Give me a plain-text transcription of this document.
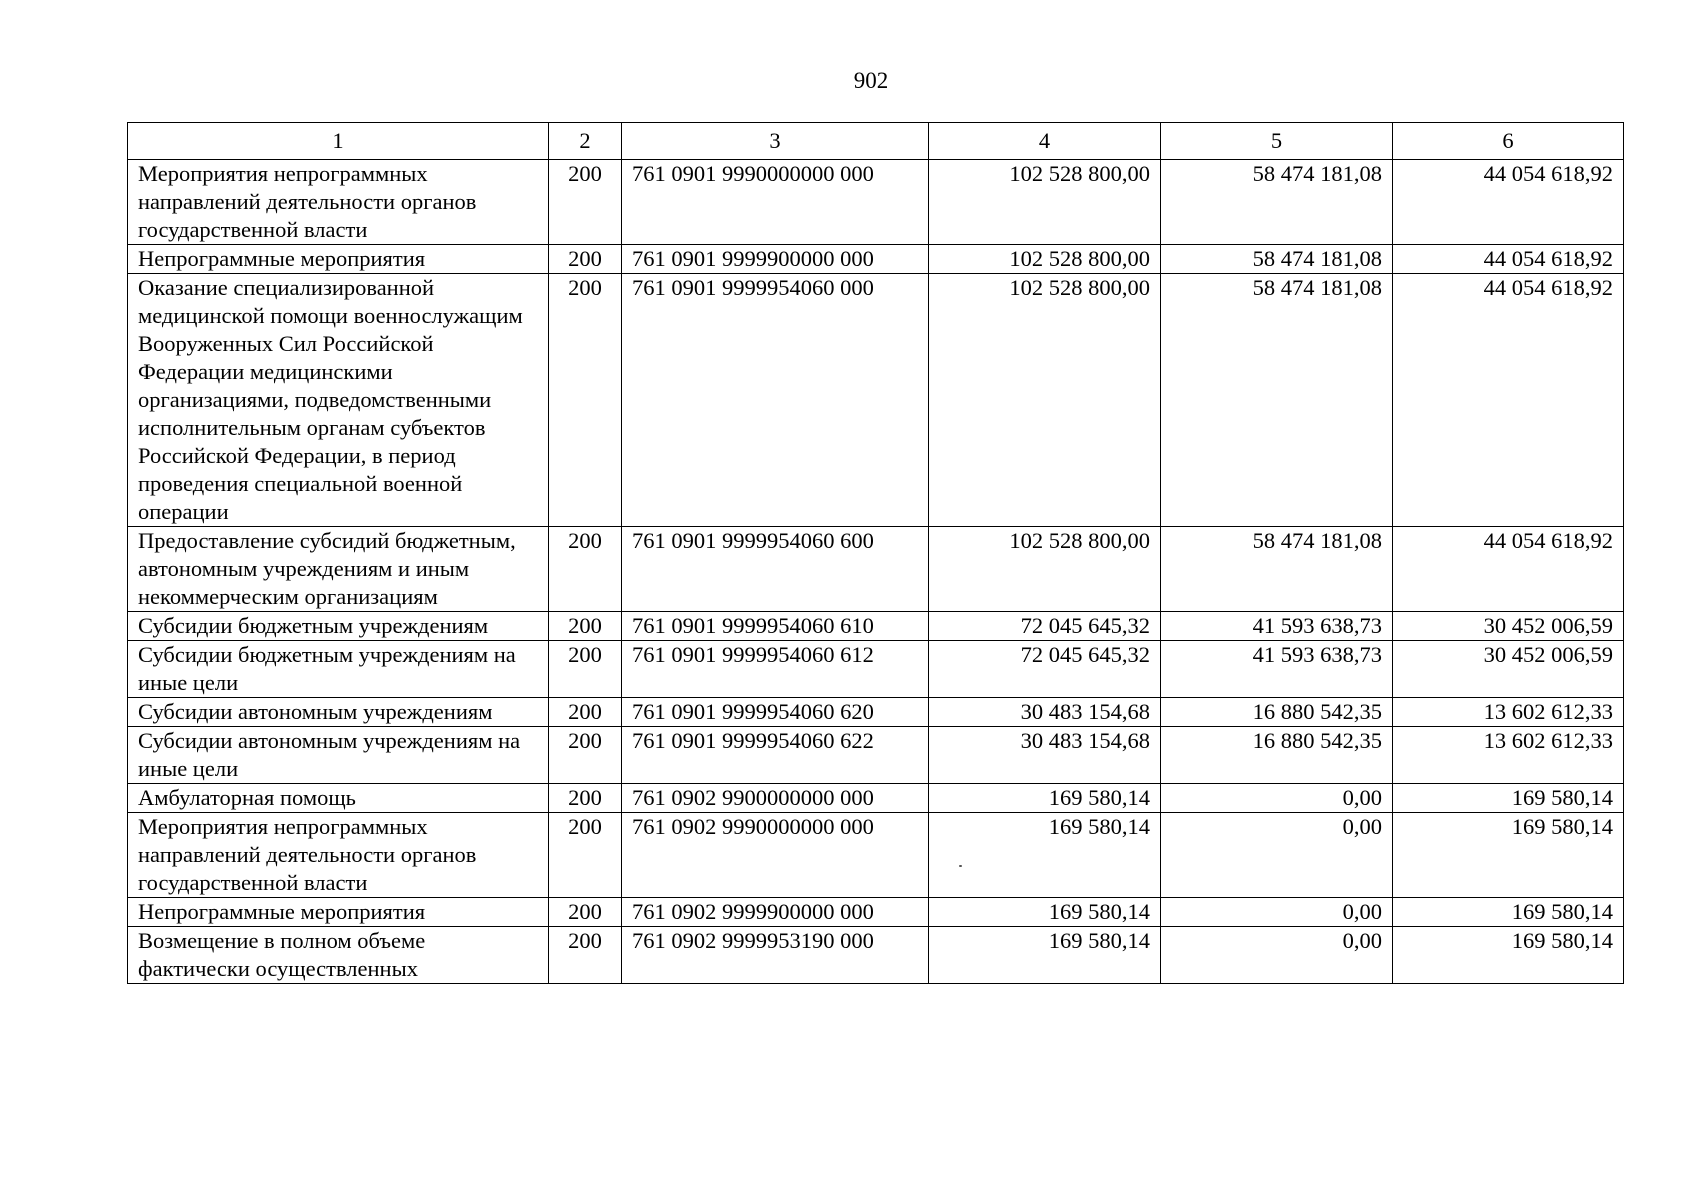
902
1	2	3	4	5	6
Мероприятия непрограммных направлений деятельности органов государственной власти	200	761 0901 9990000000 000	102 528 800,00	58 474 181,08	44 054 618,92
Непрограммные мероприятия	200	761 0901 9999900000 000	102 528 800,00	58 474 181,08	44 054 618,92
Оказание специализированной медицинской помощи военнослужащим Вооруженных Сил Российской Федерации медицинскими организациями, подведомственными исполнительным органам субъектов Российской Федерации, в период проведения специальной военной операции	200	761 0901 9999954060 000	102 528 800,00	58 474 181,08	44 054 618,92
Предоставление субсидий бюджетным, автономным учреждениям и иным некоммерческим организациям	200	761 0901 9999954060 600	102 528 800,00	58 474 181,08	44 054 618,92
Субсидии бюджетным учреждениям	200	761 0901 9999954060 610	72 045 645,32	41 593 638,73	30 452 006,59
Субсидии бюджетным учреждениям на иные цели	200	761 0901 9999954060 612	72 045 645,32	41 593 638,73	30 452 006,59
Субсидии автономным учреждениям	200	761 0901 9999954060 620	30 483 154,68	16 880 542,35	13 602 612,33
Субсидии автономным учреждениям на иные цели	200	761 0901 9999954060 622	30 483 154,68	16 880 542,35	13 602 612,33
Амбулаторная помощь	200	761 0902 9900000000 000	169 580,14	0,00	169 580,14
Мероприятия непрограммных направлений деятельности органов государственной власти	200	761 0902 9990000000 000	169 580,14	0,00	169 580,14
Непрограммные мероприятия	200	761 0902 9999900000 000	169 580,14	0,00	169 580,14
Возмещение в полном объеме фактически осуществленных	200	761 0902 9999953190 000	169 580,14	0,00	169 580,14
